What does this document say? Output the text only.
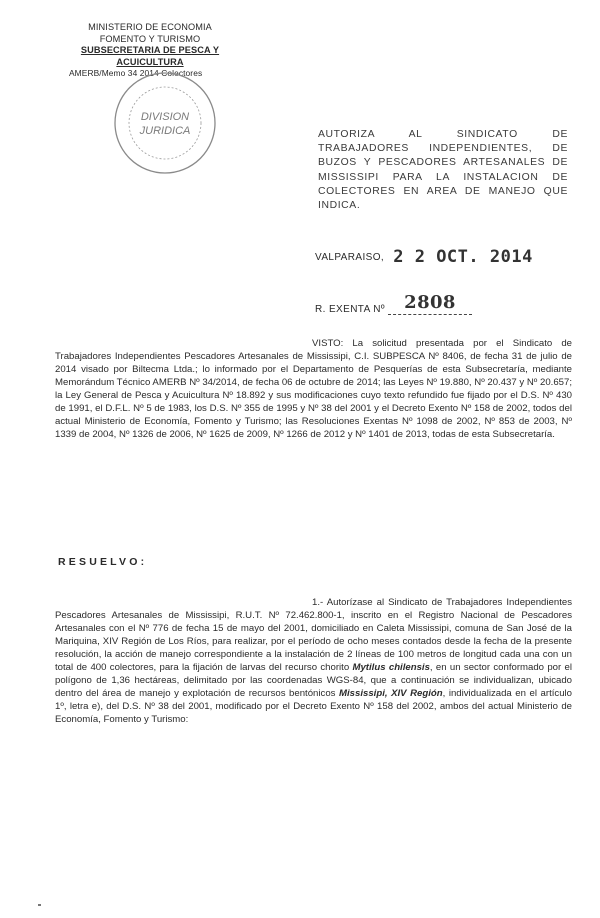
MINISTERIO DE ECONOMIA
FOMENTO Y TURISMO
SUBSECRETARIA DE PESCA Y ACUICULTURA
AMERB/Memo 34 2014 Colectores
DIVISION
JURIDICA	AUTORIZA AL SINDICATO DE TRABAJADORES INDEPENDIENTES, DE BUZOS Y PESCADORES ARTESANALES DE MISSISSIPI PARA LA INSTALACION DE COLECTORES EN AREA DE MANEJO QUE INDICA.
VALPARAISO, 2 2 OCT. 2014
R. EXENTA Nº 2808
VISTO: La solicitud presentada por el Sindicato de Trabajadores Independientes Pescadores Artesanales de Mississipi, C.I. SUBPESCA Nº 8406, de fecha 31 de julio de 2014 visado por Biltecma Ltda.; lo informado por el Departamento de Pesquerías de esta Subsecretaría, mediante Memorándum Técnico AMERB Nº 34/2014, de fecha 06 de octubre de 2014; las Leyes Nº 19.880, Nº 20.437 y Nº 20.657; la Ley General de Pesca y Acuicultura Nº 18.892 y sus modificaciones cuyo texto refundido fue fijado por el D.S. Nº 430 de 1991, el D.F.L. Nº 5 de 1983, los D.S. Nº 355 de 1995 y Nº 38 del 2001 y el Decreto Exento Nº 158 de 2002, todos del actual Ministerio de Economía, Fomento y Turismo; las Resoluciones Exentas Nº 1098 de 2002, Nº 853 de 2003, Nº 1339 de 2004, Nº 1326 de 2006, Nº 1625 de 2009, Nº 1266 de 2012 y Nº 1401 de 2013, todas de esta Subsecretaría.
RESUELVO:
1.- Autorízase al Sindicato de Trabajadores Independientes Pescadores Artesanales de Mississipi, R.U.T. Nº 72.462.800-1, inscrito en el Registro Nacional de Pescadores Artesanales con el Nº 776 de fecha 15 de mayo del 2001, domiciliado en Caleta Mississipi, comuna de San José de la Mariquina, XIV Región de Los Ríos, para realizar, por el período de ocho meses contados desde la fecha de la presente resolución, la acción de manejo correspondiente a la instalación de 2 líneas de 100 metros de longitud cada una con un total de 400 colectores, para la fijación de larvas del recurso chorito Mytilus chilensis, en un sector conformado por el polígono de 1,36 hectáreas, delimitado por las coordenadas WGS-84, que a continuación se individualizan, ubicado dentro del área de manejo y explotación de recursos bentónicos Mississipi, XIV Región, individualizada en el artículo 1º, letra e), del D.S. Nº 38 del 2001, modificado por el Decreto Exento Nº 158 del 2002, ambos del actual Ministerio de Economía, Fomento y Turismo:
